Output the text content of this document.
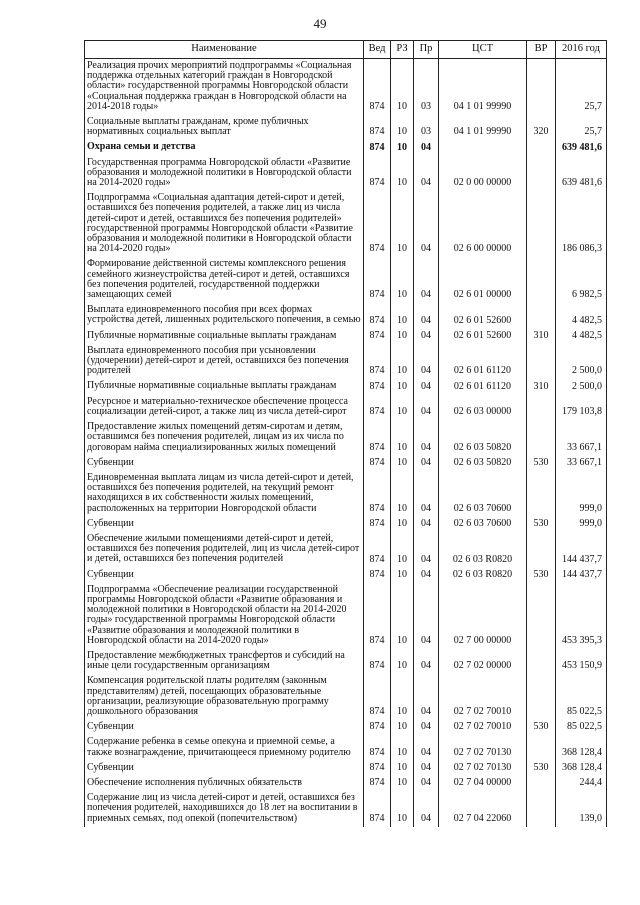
49
Наименование	Вед	РЗ	Пр	ЦСТ	ВР	2016 год
Реализация прочих мероприятий подпрограммы «Социальная поддержка отдельных категорий граждан в Новгородской области» государственной программы Новгородской области «Социальная поддержка граждан в Новгородской области на 2014-2018 годы»	874	10	03	04 1 01 99990		25,7
Социальные выплаты гражданам, кроме публичных нормативных социальных выплат	874	10	03	04 1 01 99990	320	25,7
Охрана семьи и детства	874	10	04			639 481,6
Государственная программа Новгородской области «Развитие образования и молодежной политики в Новгородской области на 2014-2020 годы»	874	10	04	02 0 00 00000		639 481,6
Подпрограмма «Социальная адаптация детей-сирот и детей, оставшихся без попечения родителей, а также лиц из числа детей-сирот и детей, оставшихся без попечения родителей» государственной программы Новгородской области «Развитие образования и молодежной политики в Новгородской области на 2014-2020 годы»	874	10	04	02 6 00 00000		186 086,3
Формирование действенной системы комплексного решения семейного жизнеустройства детей-сирот и детей, оставшихся без попечения родителей, государственной поддержки замещающих семей	874	10	04	02 6 01 00000		6 982,5
Выплата единовременного пособия при всех формах устройства детей, лишенных родительского попечения, в семью	874	10	04	02 6 01 52600		4 482,5
Публичные нормативные социальные выплаты гражданам	874	10	04	02 6 01 52600	310	4 482,5
Выплата единовременного пособия при усыновлении (удочерении) детей-сирот и детей, оставшихся без попечения родителей	874	10	04	02 6 01 61120		2 500,0
Публичные нормативные социальные выплаты гражданам	874	10	04	02 6 01 61120	310	2 500,0
Ресурсное и материально-техническое обеспечение процесса социализации детей-сирот, а также лиц из числа детей-сирот	874	10	04	02 6 03 00000		179 103,8
Предоставление жилых помещений детям-сиротам и детям, оставшимся без попечения родителей, лицам из их числа по договорам найма специализированных жилых помещений	874	10	04	02 6 03 50820		33 667,1
Субвенции	874	10	04	02 6 03 50820	530	33 667,1
Единовременная выплата лицам из числа детей-сирот и детей, оставшихся без попечения родителей, на текущий ремонт находящихся в их собственности жилых помещений, расположенных на территории Новгородской области	874	10	04	02 6 03 70600		999,0
Субвенции	874	10	04	02 6 03 70600	530	999,0
Обеспечение жилыми помещениями детей-сирот и детей, оставшихся без попечения родителей, лиц из числа детей-сирот и детей, оставшихся без попечения родителей	874	10	04	02 6 03 R0820		144 437,7
Субвенции	874	10	04	02 6 03 R0820	530	144 437,7
Подпрограмма «Обеспечение реализации государственной программы Новгородской области «Развитие образования и молодежной политики в Новгородской области на 2014-2020 годы» государственной программы Новгородской области «Развитие образования и молодежной политики в Новгородской области на 2014-2020 годы»	874	10	04	02 7 00 00000		453 395,3
Предоставление межбюджетных трансфертов и субсидий на иные цели государственным организациям	874	10	04	02 7 02 00000		453 150,9
Компенсация родительской платы родителям (законным представителям) детей, посещающих образовательные организации, реализующие образовательную программу дошкольного образования	874	10	04	02 7 02 70010		85 022,5
Субвенции	874	10	04	02 7 02 70010	530	85 022,5
Содержание ребенка в семье опекуна и приемной семье, а также вознаграждение, причитающееся приемному родителю	874	10	04	02 7 02 70130		368 128,4
Субвенции	874	10	04	02 7 02 70130	530	368 128,4
Обеспечение исполнения публичных обязательств	874	10	04	02 7 04 00000		244,4
Содержание лиц из числа детей-сирот и детей, оставшихся без попечения родителей, находившихся до 18 лет на воспитании в приемных семьях, под опекой (попечительством)	874	10	04	02 7 04 22060		139,0
